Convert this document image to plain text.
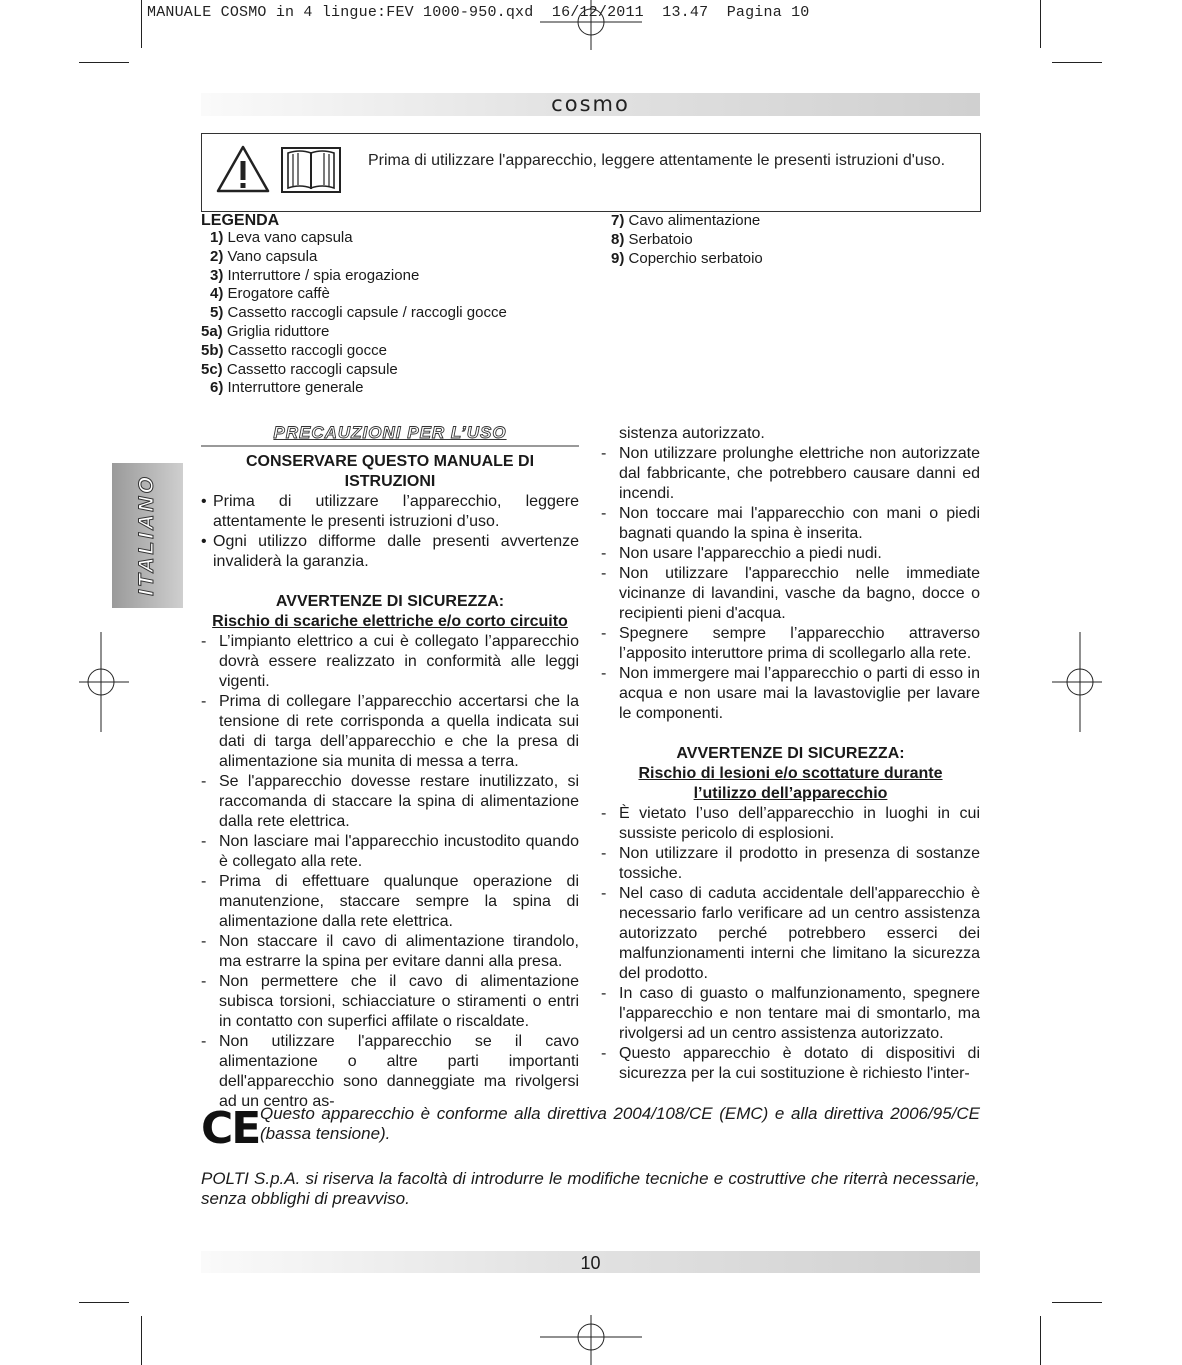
MANUALE COSMO in 4 lingue:FEV 1000-950.qxd  16/12/2011  13.47  Pagina 10
cosmo
Prima di utilizzare l'apparecchio, leggere attentamente le presenti istruzioni d'uso.
LEGENDA
1) Leva vano capsula
2) Vano capsula
3) Interruttore / spia erogazione
4) Erogatore caffè
5) Cassetto raccogli capsule / raccogli gocce
5a) Griglia riduttore
5b) Cassetto raccogli gocce
5c) Cassetto raccogli capsule
6) Interruttore generale
7) Cavo alimentazione
8) Serbatoio
9) Coperchio serbatoio
ITALIANO
PRECAUZIONI PER L’USO
CONSERVARE QUESTO MANUALE DI
ISTRUZIONI
• Prima di utilizzare l’apparecchio, leggere attentamente le presenti istruzioni d’uso.
• Ogni utilizzo difforme dalle presenti avvertenze invaliderà la garanzia.
AVVERTENZE DI SICUREZZA:
Rischio di scariche elettriche e/o corto circuito
- L’impianto elettrico a cui è collegato l’apparecchio dovrà essere realizzato in conformità alle leggi vigenti.
- Prima di collegare l’apparecchio accertarsi che la tensione di rete corrisponda a quella indicata sui dati di targa dell’apparecchio e che la presa di alimentazione sia munita di messa a terra.
- Se l'apparecchio dovesse restare inutilizzato, si raccomanda di staccare la spina di alimentazione dalla rete elettrica.
- Non lasciare mai l'apparecchio incustodito quando è collegato alla rete.
- Prima di effettuare qualunque operazione di manutenzione, staccare sempre la spina di alimentazione dalla rete elettrica.
- Non staccare il cavo di alimentazione tirandolo, ma estrarre la spina per evitare danni alla presa.
- Non permettere che il cavo di alimentazione subisca torsioni, schiacciature o stiramenti o entri in contatto con superfici affilate o riscaldate.
- Non utilizzare l'apparecchio se il cavo alimentazione o altre parti importanti dell'apparecchio sono danneggiate ma rivolgersi ad un centro as-
sistenza autorizzato.
- Non utilizzare prolunghe elettriche non autorizzate dal fabbricante, che potrebbero causare danni ed incendi.
- Non toccare mai l'apparecchio con mani o piedi bagnati quando la spina è inserita.
- Non usare l'apparecchio a piedi nudi.
- Non utilizzare l'apparecchio nelle immediate vicinanze di lavandini, vasche da bagno, docce o recipienti pieni d'acqua.
- Spegnere sempre l’apparecchio attraverso l’apposito interuttore prima di scollegarlo alla rete.
- Non immergere mai l’apparecchio o parti di esso in acqua e non usare mai la lavastoviglie per lavare le componenti.
AVVERTENZE DI SICUREZZA:
Rischio di lesioni e/o scottature durante
l’utilizzo dell’apparecchio
- È vietato l’uso dell’apparecchio in luoghi in cui sussiste pericolo di esplosioni.
- Non utilizzare il prodotto in presenza di sostanze tossiche.
- Nel caso di caduta accidentale dell'apparecchio è necessario farlo verificare ad un centro assistenza autorizzato perché potrebbero esserci dei malfunzionamenti interni che limitano la sicurezza del prodotto.
- In caso di guasto o malfunzionamento, spegnere l'apparecchio e non tentare mai di smontarlo, ma rivolgersi ad un centro assistenza autorizzato.
- Questo apparecchio è dotato di dispositivi di sicurezza per la cui sostituzione è richiesto l'inter-
CE Questo apparecchio è conforme alla direttiva 2004/108/CE (EMC) e alla direttiva 2006/95/CE (bassa tensione).
POLTI S.p.A. si riserva la facoltà di introdurre le modifiche tecniche e costruttive che riterrà necessarie, senza obblighi di preavviso.
10
